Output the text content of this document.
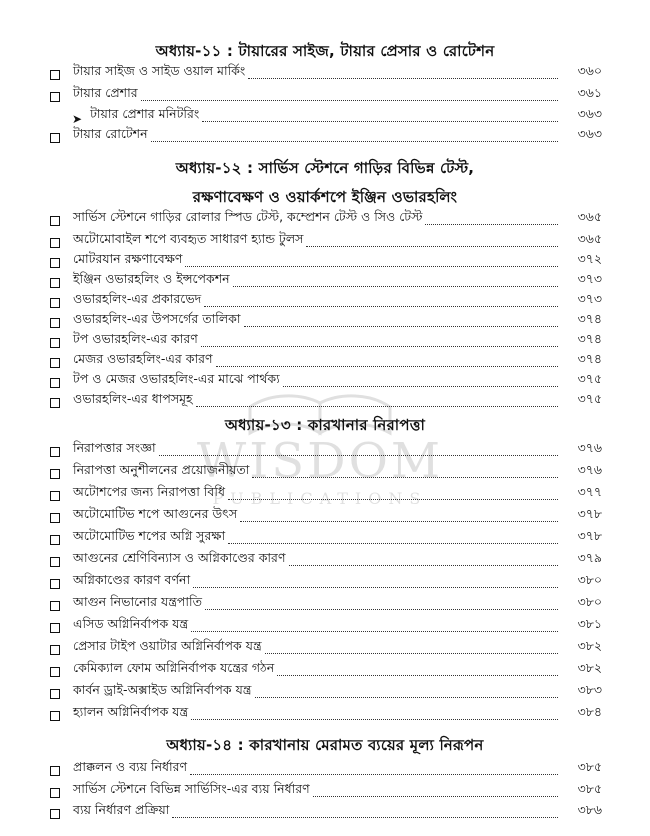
WISDOM
PUBLICATIONS
অধ্যায়-১১ : টায়ারের সাইজ, টায়ার প্রেসার ও রোটেশন
টায়ার সাইজ ও সাইড ওয়াল মার্কিং	৩৬০
টায়ার প্রেশার	৩৬১
➤ টায়ার প্রেশার মনিটরিং	৩৬৩
টায়ার রোটেশন	৩৬৩
অধ্যায়-১২ : সার্ভিস স্টেশনে গাড়ির বিভিন্ন টেস্ট,
রক্ষণাবেক্ষণ ও ওয়ার্কশপে ইঞ্জিন ওভারহলিং
সার্ভিস স্টেশনে গাড়ির রোলার স্পিড টেস্ট, কম্প্রেশন টেস্ট ও সিও টেস্ট	৩৬৫
অটোমোবাইল শপে ব্যবহৃত সাধারণ হ্যান্ড টুলস	৩৬৫
মোটরযান রক্ষণাবেক্ষণ	৩৭২
ইঞ্জিন ওভারহলিং ও ইন্সপেকশন	৩৭৩
ওভারহলিং-এর প্রকারভেদ	৩৭৩
ওভারহলিং-এর উপসর্গের তালিকা	৩৭৪
টপ ওভারহলিং-এর কারণ	৩৭৪
মেজর ওভারহলিং-এর কারণ	৩৭৪
টপ ও মেজর ওভারহলিং-এর মাঝে পার্থক্য	৩৭৫
ওভারহলিং-এর ধাপসমূহ	৩৭৫
অধ্যায়-১৩ : কারখানার নিরাপত্তা
নিরাপত্তার সংজ্ঞা	৩৭৬
নিরাপত্তা অনুশীলনের প্রয়োজনীয়তা	৩৭৬
অটোশপের জন্য নিরাপত্তা বিধি	৩৭৭
অটোমোটিভ শপে আগুনের উৎস	৩৭৮
অটোমোটিভ শপের অগ্নি সুরক্ষা	৩৭৮
আগুনের শ্রেণিবিন্যাস ও অগ্নিকাণ্ডের কারণ	৩৭৯
অগ্নিকাণ্ডের কারণ বর্ণনা	৩৮০
আগুন নিভানোর যন্ত্রপাতি	৩৮০
এসিড অগ্নিনির্বাপক যন্ত্র	৩৮১
প্রেসার টাইপ ওয়াটার অগ্নিনির্বাপক যন্ত্র	৩৮২
কেমিক্যাল ফোম অগ্নিনির্বাপক যন্ত্রের গঠন	৩৮২
কার্বন ড্রাই-অক্সাইড অগ্নিনির্বাপক যন্ত্র	৩৮৩
হ্যালন অগ্নিনির্বাপক যন্ত্র	৩৮৪
অধ্যায়-১৪ : কারখানায় মেরামত ব্যয়ের মূল্য নিরূপন
প্রাক্কলন ও ব্যয় নির্ধারণ	৩৮৫
সার্ভিস স্টেশনে বিভিন্ন সার্ভিসিং-এর ব্যয় নির্ধারণ	৩৮৫
ব্যয় নির্ধারণ প্রক্রিয়া	৩৮৬
